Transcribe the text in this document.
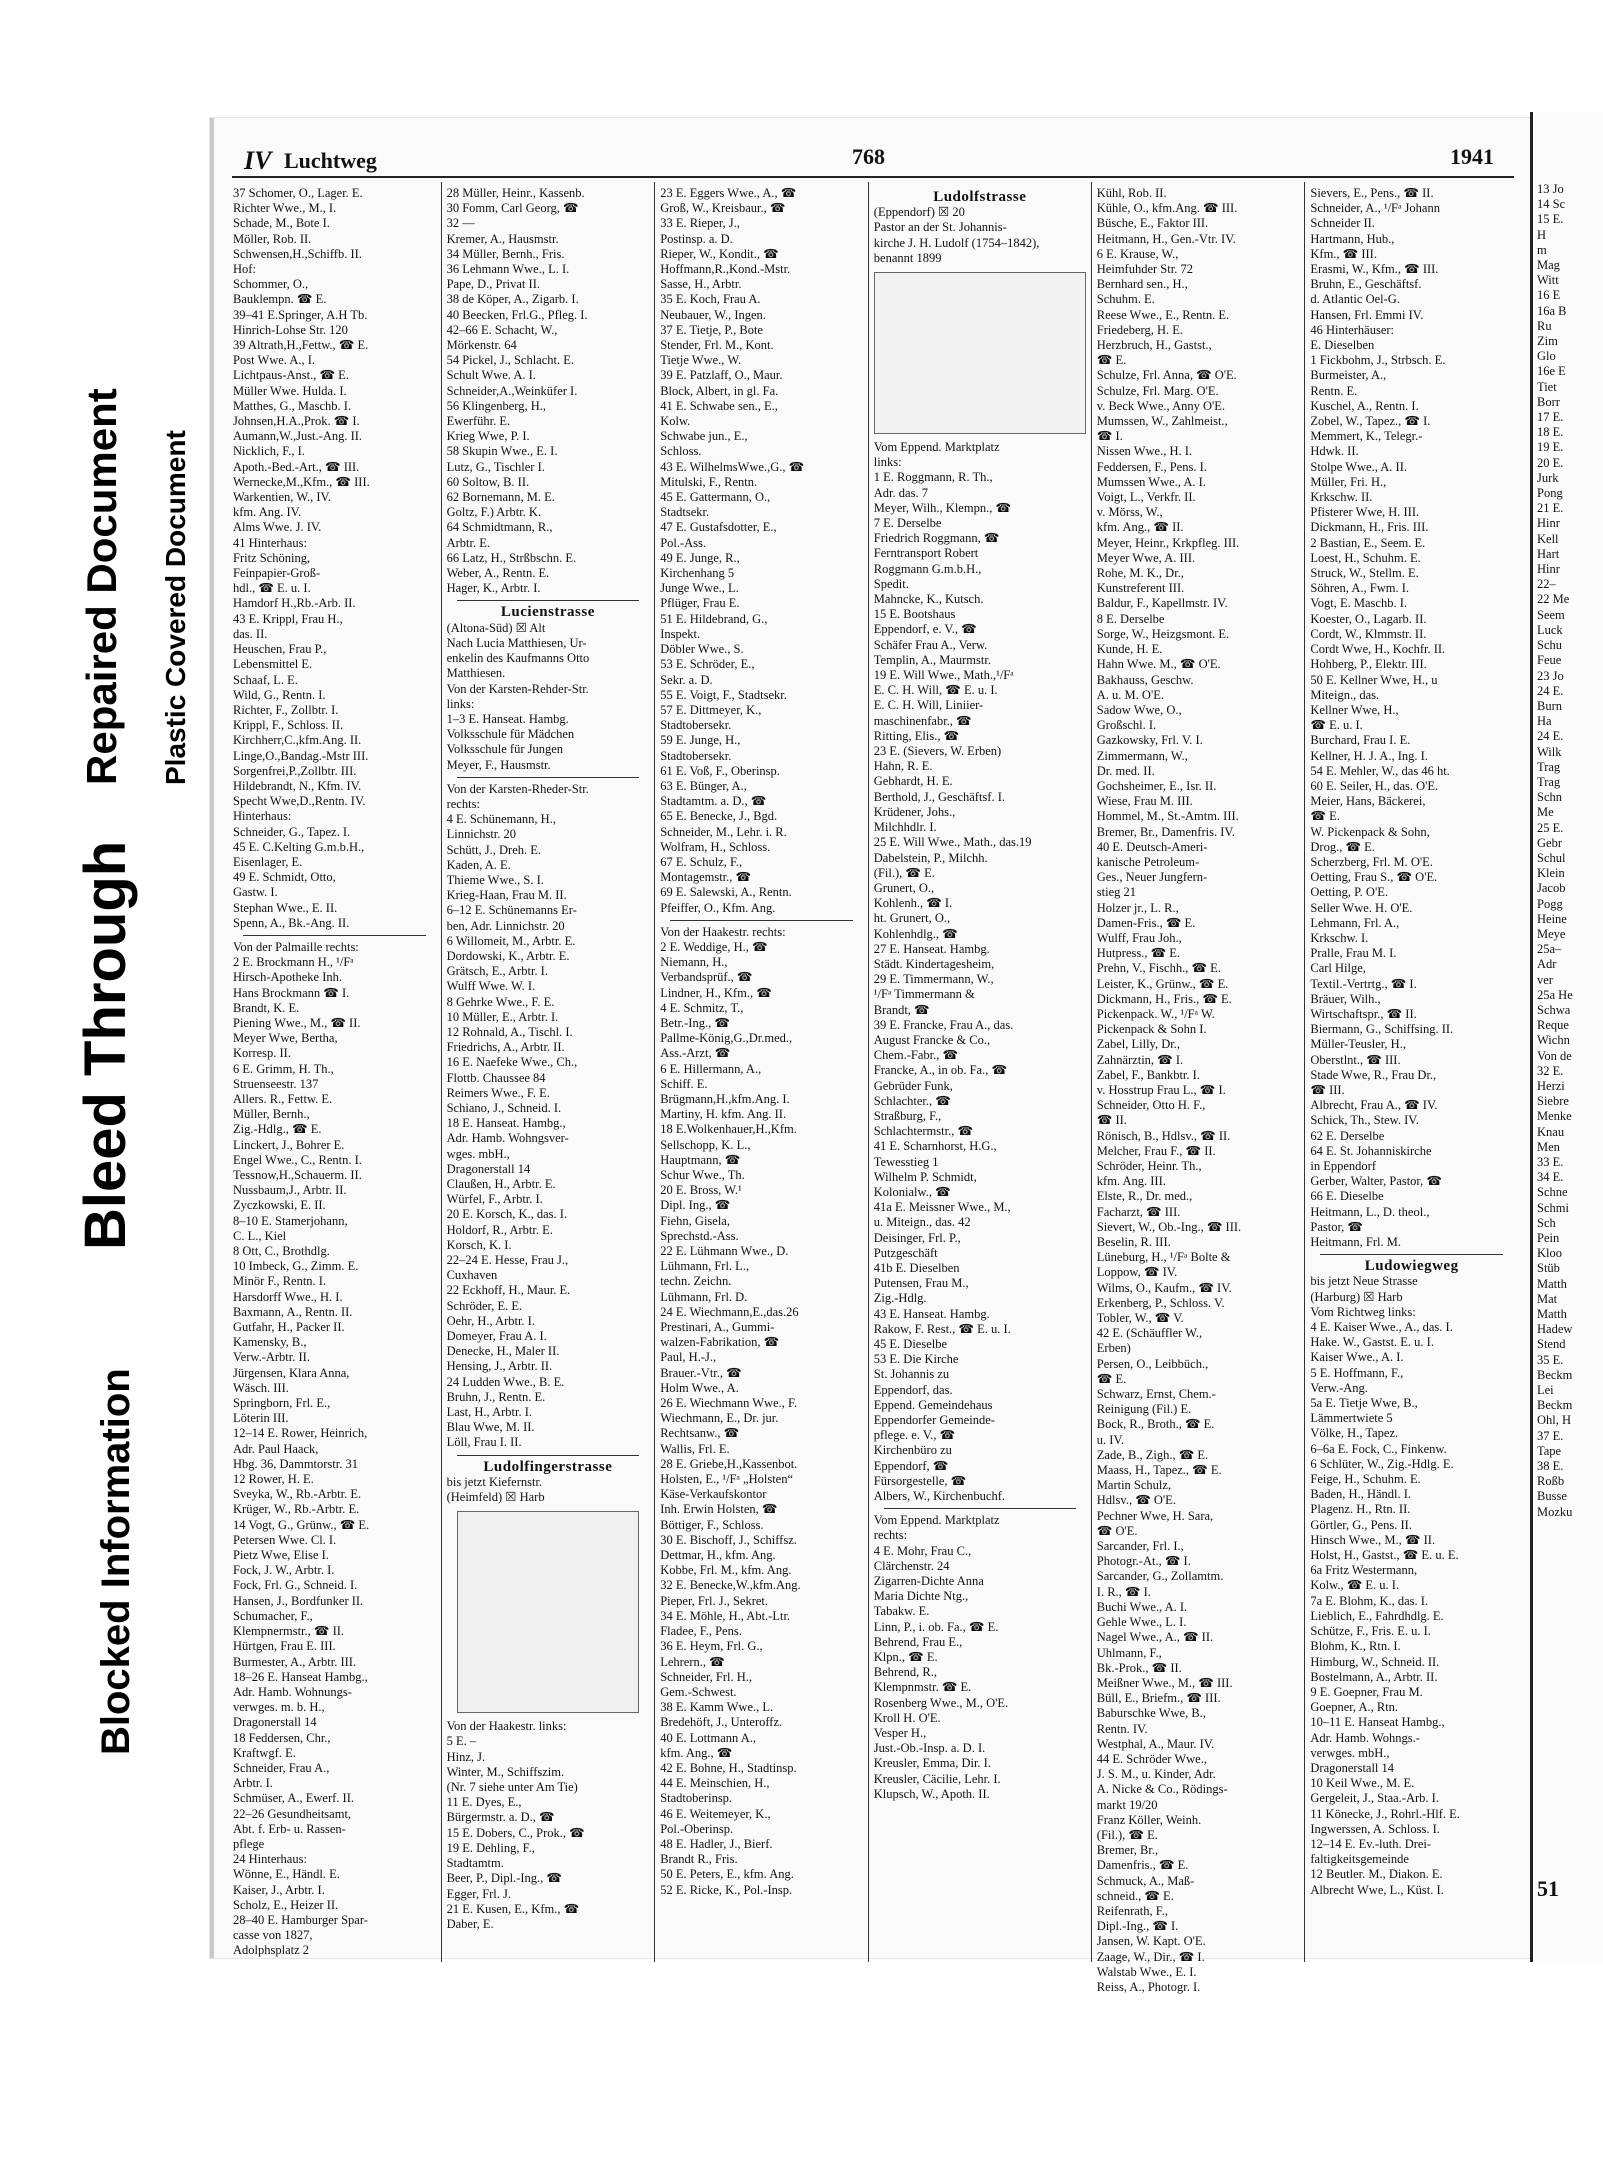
Blocked Information
Bleed Through
Repaired Document Plastic Covered Document
IV Luchtweg	768	1941
37 Schomer, O., Lager. E.
Richter Wwe., M., I.
Schade, M., Bote I.
Möller, Rob. II.
Schwensen,H.,Schiffb. II.
Hof:
Schommer, O.,
Bauklempn. ☎ E.
39–41 E.Springer, A.H Tb.
Hinrich-Lohse Str. 120
39 Altrath,H.,Fettw., ☎ E.
Post Wwe. A., I.
Lichtpaus-Anst., ☎ E.
Müller Wwe. Hulda. I.
Matthes, G., Maschb. I.
Johnsen,H.A.,Prok. ☎ I.
Aumann,W.,Just.-Ang. II.
Nicklich, F., I.
Apoth.-Bed.-Art., ☎ III.
Wernecke,M.,Kfm., ☎ III.
Warkentien, W., IV.
kfm. Ang. IV.
Alms Wwe. J. IV.
41 Hinterhaus:
Fritz Schöning,
Feinpapier-Groß-
hdl., ☎ E. u. I.
Hamdorf H.,Rb.-Arb. II.
43 E. Krippl, Frau H.,
das. II.
Heuschen, Frau P.,
Lebensmittel E.
Schaaf, L. E.
Wild, G., Rentn. I.
Richter, F., Zollbtr. I.
Krippl, F., Schloss. II.
Kirchherr,C.,kfm.Ang. II.
Linge,O.,Bandag.-Mstr III.
Sorgenfrei,P.,Zollbtr. III.
Hildebrandt, N., Kfm. IV.
Specht Wwe,D.,Rentn. IV.
Hinterhaus:
Schneider, G., Tapez. I.
45 E. C.Kelting G.m.b.H.,
Eisenlager, E.
49 E. Schmidt, Otto,
Gastw. I.
Stephan Wwe., E. II.
Spenn, A., Bk.-Ang. II.
Von der Palmaille rechts:
2 E. Brockmann H., ¹/Fᵃ
Hirsch-Apotheke Inh.
Hans Brockmann ☎ I.
Brandt, K. E.
Piening Wwe., M., ☎ II.
Meyer Wwe, Bertha,
Korresp. II.
6 E. Grimm, H. Th.,
Struenseestr. 137
Allers. R., Fettw. E.
Müller, Bernh.,
Zig.-Hdlg., ☎ E.
Linckert, J., Bohrer E.
Engel Wwe., C., Rentn. I.
Tessnow,H.,Schauerm. II.
Nussbaum,J., Arbtr. II.
Zyczkowski, E. II.
8–10 E. Stamerjohann,
C. L., Kiel
8 Ott, C., Brothdlg.
10 Imbeck, G., Zimm. E.
Minör F., Rentn. I.
Harsdorff Wwe., H. I.
Baxmann, A., Rentn. II.
Gutfahr, H., Packer II.
Kamensky, B.,
Verw.-Arbtr. II.
Jürgensen, Klara Anna,
Wäsch. III.
Springborn, Frl. E.,
Löterin III.
12–14 E. Rower, Heinrich,
Adr. Paul Haack,
Hbg. 36, Dammtorstr. 31
12 Rower, H. E.
Sveyka, W., Rb.-Arbtr. E.
Krüger, W., Rb.-Arbtr. E.
14 Vogt, G., Grünw., ☎ E.
Petersen Wwe. Cl. I.
Pietz Wwe, Elise I.
Fock, J. W., Arbtr. I.
Fock, Frl. G., Schneid. I.
Hansen, J., Bordfunker II.
Schumacher, F.,
Klempnermstr., ☎ II.
Hürtgen, Frau E. III.
Burmester, A., Arbtr. III.
18–26 E. Hanseat Hambg.,
Adr. Hamb. Wohnungs-
verwges. m. b. H.,
Dragonerstall 14
18 Feddersen, Chr.,
Kraftwgf. E.
Schneider, Frau A.,
Arbtr. I.
Schmüser, A., Ewerf. II.
22–26 Gesundheitsamt,
Abt. f. Erb- u. Rassen-
pflege
24 Hinterhaus:
Wönne, E., Händl. E.
Kaiser, J., Arbtr. I.
Scholz, E., Heizer II.
28–40 E. Hamburger Spar-
casse von 1827,
Adolphsplatz 2
28 Müller, Heinr., Kassenb.
30 Fomm, Carl Georg, ☎
32 —
Kremer, A., Hausmstr.
34 Müller, Bernh., Fris.
36 Lehmann Wwe., L. I.
Pape, D., Privat II.
38 de Köper, A., Zigarb. I.
40 Beecken, Frl.G., Pfleg. I.
42–66 E. Schacht, W.,
Mörkenstr. 64
54 Pickel, J., Schlacht. E.
Schult Wwe. A. I.
Schneider,A.,Weinküfer I.
56 Klingenberg, H.,
Ewerführ. E.
Krieg Wwe, P. I.
58 Skupin Wwe., E. I.
Lutz, G., Tischler I.
60 Soltow, B. II.
62 Bornemann, M. E.
Goltz, F.) Arbtr. K.
64 Schmidtmann, R.,
Arbtr. E.
66 Latz, H., Strßbschn. E.
Weber, A., Rentn. E.
Hager, K., Arbtr. I.
Lucienstrasse
(Altona-Süd) ☒ Alt
Nach Lucia Matthiesen, Ur-
enkelin des Kaufmanns Otto
Matthiesen.
Von der Karsten-Rehder-Str.
links:
1–3 E. Hanseat. Hambg.
Volksschule für Mädchen
Volksschule für Jungen
Meyer, F., Hausmstr.
Von der Karsten-Rheder-Str.
rechts:
4 E. Schünemann, H.,
Linnichstr. 20
Schütt, J., Dreh. E.
Kaden, A. E.
Thieme Wwe., S. I.
Krieg-Haan, Frau M. II.
6–12 E. Schünemanns Er-
ben, Adr. Linnichstr. 20
6 Willomeit, M., Arbtr. E.
Dordowski, K., Arbtr. E.
Grätsch, E., Arbtr. I.
Wulff Wwe. W. I.
8 Gehrke Wwe., F. E.
10 Müller, E., Arbtr. I.
12 Rohnald, A., Tischl. I.
Friedrichs, A., Arbtr. II.
16 E. Naefeke Wwe., Ch.,
Flottb. Chaussee 84
Reimers Wwe., F. E.
Schiano, J., Schneid. I.
18 E. Hanseat. Hambg.,
Adr. Hamb. Wohngsver-
wges. mbH.,
Dragonerstall 14
Claußen, H., Arbtr. E.
Würfel, F., Arbtr. I.
20 E. Korsch, K., das. I.
Holdorf, R., Arbtr. E.
Korsch, K. I.
22–24 E. Hesse, Frau J.,
Cuxhaven
22 Eckhoff, H., Maur. E.
Schröder, E. E.
Oehr, H., Arbtr. I.
Domeyer, Frau A. I.
Denecke, H., Maler II.
Hensing, J., Arbtr. II.
24 Ludden Wwe., B. E.
Bruhn, J., Rentn. E.
Last, H., Arbtr. I.
Blau Wwe, M. II.
Löll, Frau I. II.
Ludolfingerstrasse
bis jetzt Kiefernstr.
(Heimfeld) ☒ Harb
Von der Haakestr. links:
5 E. –
Hinz, J.
Winter, M., Schiffszim.
(Nr. 7 siehe unter Am Tie)
11 E. Dyes, E.,
Bürgermstr. a. D., ☎
15 E. Dobers, C., Prok., ☎
19 E. Dehling, F.,
Stadtamtm.
Beer, P., Dipl.-Ing., ☎
Egger, Frl. J.
21 E. Kusen, E., Kfm., ☎
Daber, E.
23 E. Eggers Wwe., A., ☎
Groß, W., Kreisbaur., ☎
33 E. Rieper, J.,
Postinsp. a. D.
Rieper, W., Kondit., ☎
Hoffmann,R.,Kond.-Mstr.
Sasse, H., Arbtr.
35 E. Koch, Frau A.
Neubauer, W., Ingen.
37 E. Tietje, P., Bote
Stender, Frl. M., Kont.
Tietje Wwe., W.
39 E. Patzlaff, O., Maur.
Block, Albert, in gl. Fa.
41 E. Schwabe sen., E.,
Kolw.
Schwabe jun., E.,
Schloss.
43 E. WilhelmsWwe.,G., ☎
Mitulski, F., Rentn.
45 E. Gattermann, O.,
Stadtsekr.
47 E. Gustafsdotter, E.,
Pol.-Ass.
49 E. Junge, R.,
Kirchenhang 5
Junge Wwe., L.
Pflüger, Frau E.
51 E. Hildebrand, G.,
Inspekt.
Döbler Wwe., S.
53 E. Schröder, E.,
Sekr. a. D.
55 E. Voigt, F., Stadtsekr.
57 E. Dittmeyer, K.,
Stadtobersekr.
59 E. Junge, H.,
Stadtobersekr.
61 E. Voß, F., Oberinsp.
63 E. Bünger, A.,
Stadtamtm. a. D., ☎
65 E. Benecke, J., Bgd.
Schneider, M., Lehr. i. R.
Wolfram, H., Schloss.
67 E. Schulz, F.,
Montagemstr., ☎
69 E. Salewski, A., Rentn.
Pfeiffer, O., Kfm. Ang.
Von der Haakestr. rechts:
2 E. Weddige, H., ☎
Niemann, H.,
Verbandsprüf., ☎
Lindner, H., Kfm., ☎
4 E. Schmitz, T.,
Betr.-Ing., ☎
Pallme-König,G.,Dr.med.,
Ass.-Arzt, ☎
6 E. Hillermann, A.,
Schiff. E.
Brügmann,H.,kfm.Ang. I.
Martiny, H. kfm. Ang. II.
18 E.Wolkenhauer,H.,Kfm.
Sellschopp, K. L.,
Hauptmann, ☎
Schur Wwe., Th.
20 E. Bross, W.¹
Dipl. Ing., ☎
Fiehn, Gisela,
Sprechstd.-Ass.
22 E. Lühmann Wwe., D.
Lühmann, Frl. L.,
techn. Zeichn.
Lühmann, Frl. D.
24 E. Wiechmann,E.,das.26
Prestinari, A., Gummi-
walzen-Fabrikation, ☎
Paul, H.-J.,
Brauer.-Vtr., ☎
Holm Wwe., A.
26 E. Wiechmann Wwe., F.
Wiechmann, E., Dr. jur.
Rechtsanw., ☎
Wallis, Frl. E.
28 E. Griebe,H.,Kassenbot.
Holsten, E., ¹/Fᵃ „Holsten“
Käse-Verkaufskontor
Inh. Erwin Holsten, ☎
Böttiger, F., Schloss.
30 E. Bischoff, J., Schiffsz.
Dettmar, H., kfm. Ang.
Kobbe, Frl. M., kfm. Ang.
32 E. Benecke,W.,kfm.Ang.
Pieper, Frl. J., Sekret.
34 E. Möhle, H., Abt.-Ltr.
Fladee, F., Pens.
36 E. Heym, Frl. G.,
Lehrern., ☎
Schneider, Frl. H.,
Gem.-Schwest.
38 E. Kamm Wwe., L.
Bredehöft, J., Unteroffz.
40 E. Lottmann A.,
kfm. Ang., ☎
42 E. Bohne, H., Stadtinsp.
44 E. Meinschien, H.,
Stadtoberinsp.
46 E. Weitemeyer, K.,
Pol.-Oberinsp.
48 E. Hadler, J., Bierf.
Brandt R., Fris.
50 E. Peters, E., kfm. Ang.
52 E. Ricke, K., Pol.-Insp.
Ludolfstrasse
(Eppendorf) ☒ 20
Pastor an der St. Johannis-
kirche J. H. Ludolf (1754–1842),
benannt 1899
Vom Eppend. Marktplatz
links:
1 E. Roggmann, R. Th.,
Adr. das. 7
Meyer, Wilh., Klempn., ☎
7 E. Derselbe
Friedrich Roggmann, ☎
Ferntransport Robert
Roggmann G.m.b.H.,
Spedit.
Mahncke, K., Kutsch.
15 E. Bootshaus
Eppendorf, e. V., ☎
Schäfer Frau A., Verw.
Templin, A., Maurmstr.
19 E. Will Wwe., Math.,¹/Fᵃ
E. C. H. Will, ☎ E. u. I.
E. C. H. Will, Liniier-
maschinenfabr., ☎
Ritting, Elis., ☎
23 E. (Sievers, W. Erben)
Hahn, R. E.
Gebhardt, H. E.
Berthold, J., Geschäftsf. I.
Krüdener, Johs.,
Milchhdlr. I.
25 E. Will Wwe., Math., das.19
Dabelstein, P., Milchh.
(Fil.), ☎ E.
Grunert, O.,
Kohlenh., ☎ I.
ht. Grunert, O.,
Kohlenhdlg., ☎
27 E. Hanseat. Hambg.
Städt. Kindertagesheim,
29 E. Timmermann, W.,
¹/Fᵃ Timmermann &
Brandt, ☎
39 E. Francke, Frau A., das.
August Francke & Co.,
Chem.-Fabr., ☎
Francke, A., in ob. Fa., ☎
Gebrüder Funk,
Schlachter., ☎
Straßburg, F.,
Schlachtermstr., ☎
41 E. Scharnhorst, H.G.,
Tewesstieg 1
Wilhelm P. Schmidt,
Kolonialw., ☎
41a E. Meissner Wwe., M.,
u. Miteign., das. 42
Deisinger, Frl. P.,
Putzgeschäft
41b E. Dieselben
Putensen, Frau M.,
Zig.-Hdlg.
43 E. Hanseat. Hambg.
Rakow, F. Rest., ☎ E. u. I.
45 E. Dieselbe
53 E. Die Kirche
St. Johannis zu
Eppendorf, das.
Eppend. Gemeindehaus
Eppendorfer Gemeinde-
pflege. e. V., ☎
Kirchenbüro zu
Eppendorf, ☎
Fürsorgestelle, ☎
Albers, W., Kirchenbuchf.
Vom Eppend. Marktplatz
rechts:
4 E. Mohr, Frau C.,
Clärchenstr. 24
Zigarren-Dichte Anna
Maria Dichte Ntg.,
Tabakw. E.
Linn, P., i. ob. Fa., ☎ E.
Behrend, Frau E.,
Klpn., ☎ E.
Behrend, R.,
Klempnmstr. ☎ E.
Rosenberg Wwe., M., O'E.
Kroll H. O'E.
Vesper H.,
Just.-Ob.-Insp. a. D. I.
Kreusler, Emma, Dir. I.
Kreusler, Cäcilie, Lehr. I.
Klupsch, W., Apoth. II.
Kühl, Rob. II.
Kühle, O., kfm.Ang. ☎ III.
Büsche, E., Faktor III.
Heitmann, H., Gen.-Vtr. IV.
6 E. Krause, W.,
Heimfuhder Str. 72
Bernhard sen., H.,
Schuhm. E.
Reese Wwe., E., Rentn. E.
Friedeberg, H. E.
Herzbruch, H., Gastst.,
☎ E.
Schulze, Frl. Anna, ☎ O'E.
Schulze, Frl. Marg. O'E.
v. Beck Wwe., Anny O'E.
Mumssen, W., Zahlmeist.,
☎ I.
Nissen Wwe., H. I.
Feddersen, F., Pens. I.
Mumssen Wwe., A. I.
Voigt, L., Verkfr. II.
v. Mörss, W.,
kfm. Ang., ☎ II.
Meyer, Heinr., Krkpfleg. III.
Meyer Wwe, A. III.
Rohe, M. K., Dr.,
Kunstreferent III.
Baldur, F., Kapellmstr. IV.
8 E. Derselbe
Sorge, W., Heizgsmont. E.
Kunde, H. E.
Hahn Wwe. M., ☎ O'E.
Bakhauss, Geschw.
A. u. M. O'E.
Sadow Wwe, O.,
Großschl. I.
Gazkowsky, Frl. V. I.
Zimmermann, W.,
Dr. med. II.
Gochsheimer, E., Isr. II.
Wiese, Frau M. III.
Hommel, M., St.-Amtm. III.
Bremer, Br., Damenfris. IV.
40 E. Deutsch-Ameri-
kanische Petroleum-
Ges., Neuer Jungfern-
stieg 21
Holzer jr., L. R.,
Damen-Fris., ☎ E.
Wulff, Frau Joh.,
Hutpress., ☎ E.
Prehn, V., Fischh., ☎ E.
Leister, K., Grünw., ☎ E.
Dickmann, H., Fris., ☎ E.
Pickenpack. W., ¹/Fᵃ W.
Pickenpack & Sohn I.
Zabel, Lilly, Dr.,
Zahnärztin, ☎ I.
Zabel, F., Bankbtr. I.
v. Hosstrup Frau L., ☎ I.
Schneider, Otto H. F.,
☎ II.
Rönisch, B., Hdlsv., ☎ II.
Melcher, Frau F., ☎ II.
Schröder, Heinr. Th.,
kfm. Ang. III.
Elste, R., Dr. med.,
Facharzt, ☎ III.
Sievert, W., Ob.-Ing., ☎ III.
Beselin, R. III.
Lüneburg, H., ¹/Fᵃ Bolte &
Loppow, ☎ IV.
Wilms, O., Kaufm., ☎ IV.
Erkenberg, P., Schloss. V.
Tobler, W., ☎ V.
42 E. (Schäuffler W.,
Erben)
Persen, O., Leibbüch.,
☎ E.
Schwarz, Ernst, Chem.-
Reinigung (Fil.) E.
Bock, R., Broth., ☎ E.
u. IV.
Zade, B., Zigh., ☎ E.
Maass, H., Tapez., ☎ E.
Martin Schulz,
Hdlsv., ☎ O'E.
Pechner Wwe, H. Sara,
☎ O'E.
Sarcander, Frl. I.,
Photogr.-At., ☎ I.
Sarcander, G., Zollamtm.
I. R., ☎ I.
Buchi Wwe., A. I.
Gehle Wwe., L. I.
Nagel Wwe., A., ☎ II.
Uhlmann, F.,
Bk.-Prok., ☎ II.
Meißner Wwe., M., ☎ III.
Büll, E., Briefm., ☎ III.
Baburschke Wwe, B.,
Rentn. IV.
Westphal, A., Maur. IV.
44 E. Schröder Wwe.,
J. S. M., u. Kinder, Adr.
A. Nicke & Co., Rödings-
markt 19/20
Franz Köller, Weinh.
(Fil.), ☎ E.
Bremer, Br.,
Damenfris., ☎ E.
Schmuck, A., Maß-
schneid., ☎ E.
Reifenrath, F.,
Dipl.-Ing., ☎ I.
Jansen, W. Kapt. O'E.
Zaage, W., Dir., ☎ I.
Walstab Wwe., E. I.
Reiss, A., Photogr. I.
Sievers, E., Pens., ☎ II.
Schneider, A., ¹/Fᵃ Johann
Schneider II.
Hartmann, Hub.,
Kfm., ☎ III.
Erasmi, W., Kfm., ☎ III.
Bruhn, E., Geschäftsf.
d. Atlantic Oel-G.
Hansen, Frl. Emmi IV.
46 Hinterhäuser:
E. Dieselben
1 Fickbohm, J., Strbsch. E.
Burmeister, A.,
Rentn. E.
Kuschel, A., Rentn. I.
Zobel, W., Tapez., ☎ I.
Memmert, K., Telegr.-
Hdwk. II.
Stolpe Wwe., A. II.
Müller, Fri. H.,
Krkschw. II.
Pfisterer Wwe, H. III.
Dickmann, H., Fris. III.
2 Bastian, E., Seem. E.
Loest, H., Schuhm. E.
Struck, W., Stellm. E.
Söhren, A., Fwm. I.
Vogt, E. Maschb. I.
Koester, O., Lagarb. II.
Cordt, W., Klmmstr. II.
Cordt Wwe, H., Kochfr. II.
Hohberg, P., Elektr. III.
50 E. Kellner Wwe, H., u
Miteign., das.
Kellner Wwe, H.,
☎ E. u. I.
Burchard, Frau I. E.
Kellner, H. J. A., Ing. I.
54 E. Mehler, W., das 46 ht.
60 E. Seiler, H., das. O'E.
Meier, Hans, Bäckerei,
☎ E.
W. Pickenpack & Sohn,
Drog., ☎ E.
Scherzberg, Frl. M. O'E.
Oetting, Frau S., ☎ O'E.
Oetting, P. O'E.
Seller Wwe. H. O'E.
Lehmann, Frl. A.,
Krkschw. I.
Pralle, Frau M. I.
Carl Hilge,
Textil.-Vertrtg., ☎ I.
Bräuer, Wilh.,
Wirtschaftspr., ☎ II.
Biermann, G., Schiffsing. II.
Müller-Teusler, H.,
Oberstlnt., ☎ III.
Stade Wwe, R., Frau Dr.,
☎ III.
Albrecht, Frau A., ☎ IV.
Schick, Th., Stew. IV.
62 E. Derselbe
64 E. St. Johanniskirche
in Eppendorf
Gerber, Walter, Pastor, ☎
66 E. Dieselbe
Heitmann, L., D. theol.,
Pastor, ☎
Heitmann, Frl. M.
Ludowiegweg
bis jetzt Neue Strasse
(Harburg) ☒ Harb
Vom Richtweg links:
4 E. Kaiser Wwe., A., das. I.
Hake. W., Gastst. E. u. I.
Kaiser Wwe., A. I.
5 E. Hoffmann, F.,
Verw.-Ang.
5a E. Tietje Wwe, B.,
Lämmertwiete 5
Völke, H., Tapez.
6–6a E. Fock, C., Finkenw.
6 Schlüter, W., Zig.-Hdlg. E.
Feige, H., Schuhm. E.
Baden, H., Händl. I.
Plagenz. H., Rtn. II.
Görtler, G., Pens. II.
Hinsch Wwe., M., ☎ II.
Holst, H., Gastst., ☎ E. u. E.
6a Fritz Westermann,
Kolw., ☎ E. u. I.
7a E. Blohm, K., das. I.
Lieblich, E., Fahrdhdlg. E.
Schütze, F., Fris. E. u. I.
Blohm, K., Rtn. I.
Himburg, W., Schneid. II.
Bostelmann, A., Arbtr. II.
9 E. Goepner, Frau M.
Goepner, A., Rtn.
10–11 E. Hanseat Hambg.,
Adr. Hamb. Wohngs.-
verwges. mbH.,
Dragonerstall 14
10 Keil Wwe., M. E.
Gergeleit, J., Staa.-Arb. I.
11 Könecke, J., Rohrl.-Hlf. E.
Ingwerssen, A. Schloss. I.
12–14 E. Ev.-luth. Drei-
faltigkeitsgemeinde
12 Beutler. M., Diakon. E.
Albrecht Wwe, L., Küst. I.
13 Jo
14 Sc
15 E.
H
m
Mag
Witt
16 E
16a B
Ru
Zim
Glo
16e E
Tiet
Borr
17 E.
18 E.
19 E.
20 E.
Jurk
Pong
21 E.
Hinr
Kell
Hart
Hinr
22–
22 Me
Seem
Luck
Schu
Feue
23 Jo
24 E.
Burn
Ha
24 E.
Wilk
Trag
Trag
Schn
Me
25 E.
Gebr
Schul
Klein
Jacob
Pogg
Heine
Meye
25a–
Adr
ver
25a He
Schwa
Reque
Wichn
Von de
32 E.
Herzi
Siebre
Menke
Knau
Men
33 E.
34 E.
Schne
Schmi
Sch
Pein
Kloo
Stüb
Matth
Mat
Matth
Hadew
Stend
35 E.
Beckm
Lei
Beckm
Ohl, H
37 E.
Tape
38 E.
Roßb
Busse
Mozku
51
